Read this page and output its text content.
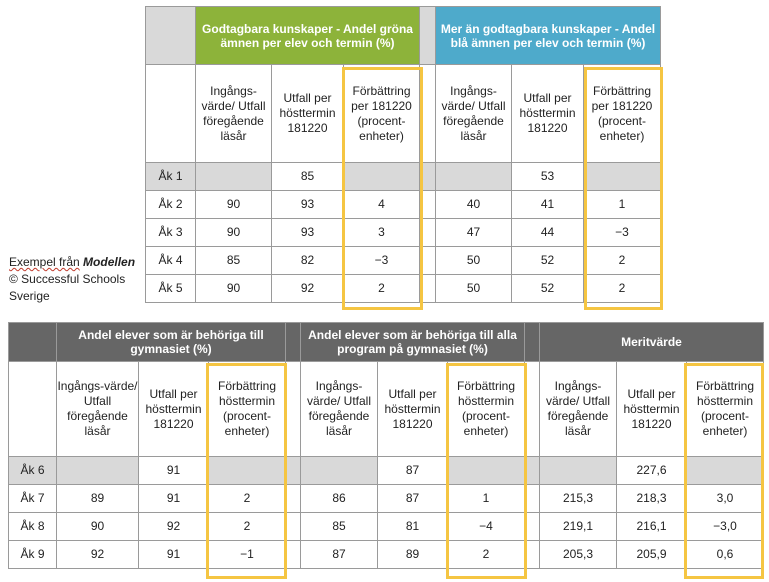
	Godtagbara kunskaper - Andel gröna ämnen per elev och termin (%)				Mer än godtagbara kunskaper - Andel blå ämnen per elev och termin (%)		
	Ingångs-värde/ Utfall föregående läsår	Utfall per hösttermin 181220	Förbättring per 181220 (procent-enheter)		Ingångs-värde/ Utfall föregående läsår	Utfall per hösttermin 181220	Förbättring per 181220 (procent-enheter)
Åk 1		85				53	
Åk 2	90	93	4		40	41	1
Åk 3	90	93	3		47	44	−3
Åk 4	85	82	−3		50	52	2
Åk 5	90	92	2		50	52	2
Exempel från Modellen
© Successful Schools
Sverige
	Andel elever som är behöriga till gymnasiet (%)				Andel elever som är behöriga till alla program på gymnasiet (%)				Meritvärde		
	Ingångs-värde/ Utfall föregående läsår	Utfall per hösttermin 181220	Förbättring hösttermin (procent-enheter)		Ingångs-värde/ Utfall föregående läsår	Utfall per hösttermin 181220	Förbättring hösttermin (procent-enheter)		Ingångs-värde/ Utfall föregående läsår	Utfall per hösttermin 181220	Förbättring hösttermin (procent-enheter)
Åk 6		91				87				227,6	
Åk 7	89	91	2		86	87	1		215,3	218,3	3,0
Åk 8	90	92	2		85	81	−4		219,1	216,1	−3,0
Åk 9	92	91	−1		87	89	2		205,3	205,9	0,6
